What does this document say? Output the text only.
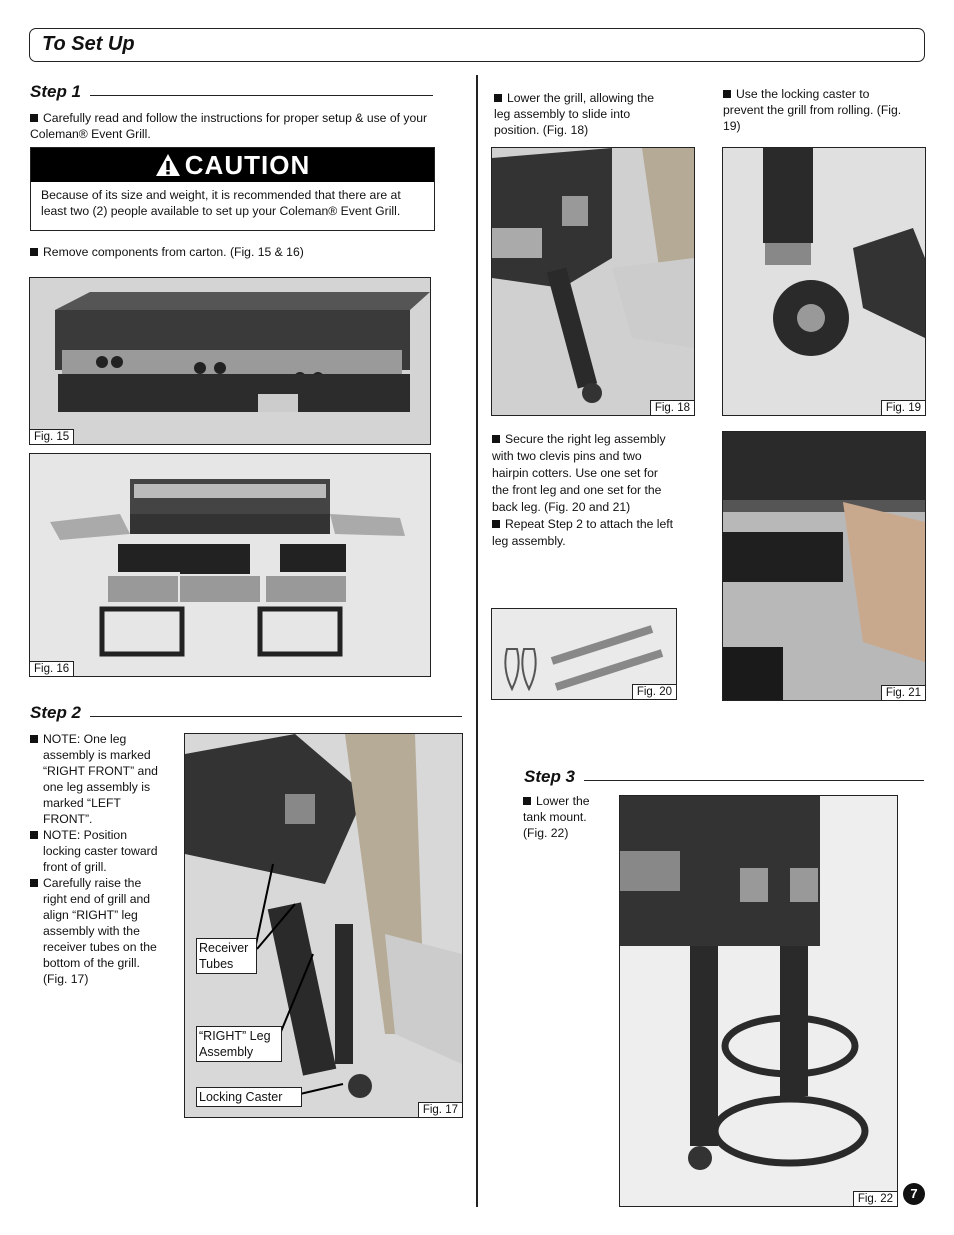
To Set Up
Step 1
Carefully read and follow the instructions for proper setup & use of your Coleman® Event Grill.
CAUTION
Because of its size and weight, it is recommended that there are at least two (2) people available to set up your Coleman® Event Grill.
Remove components from carton. (Fig. 15 & 16)
Fig. 15
Fig. 16
Step 2
NOTE: One leg assembly is marked “RIGHT FRONT” and one leg assembly is marked “LEFT FRONT”.
NOTE: Position locking caster toward front of grill.
Carefully raise the right end of grill and align “RIGHT” leg assembly with the receiver tubes on the bottom of the grill. (Fig. 17)
Receiver Tubes
“RIGHT” Leg Assembly
Locking Caster
Fig. 17
Lower the grill, allowing the leg assembly to slide into position. (Fig. 18)
Use the locking caster to prevent the grill from rolling. (Fig. 19)
Fig. 18	Fig. 19
Secure the right leg assembly with two clevis pins and two hairpin cotters. Use one set for the front leg and one set for the back leg. (Fig. 20 and 21)
Repeat Step 2 to attach the left leg assembly.
Fig. 20	Fig. 21
Step 3
Lower the tank mount. (Fig. 22)
Fig. 22	7
